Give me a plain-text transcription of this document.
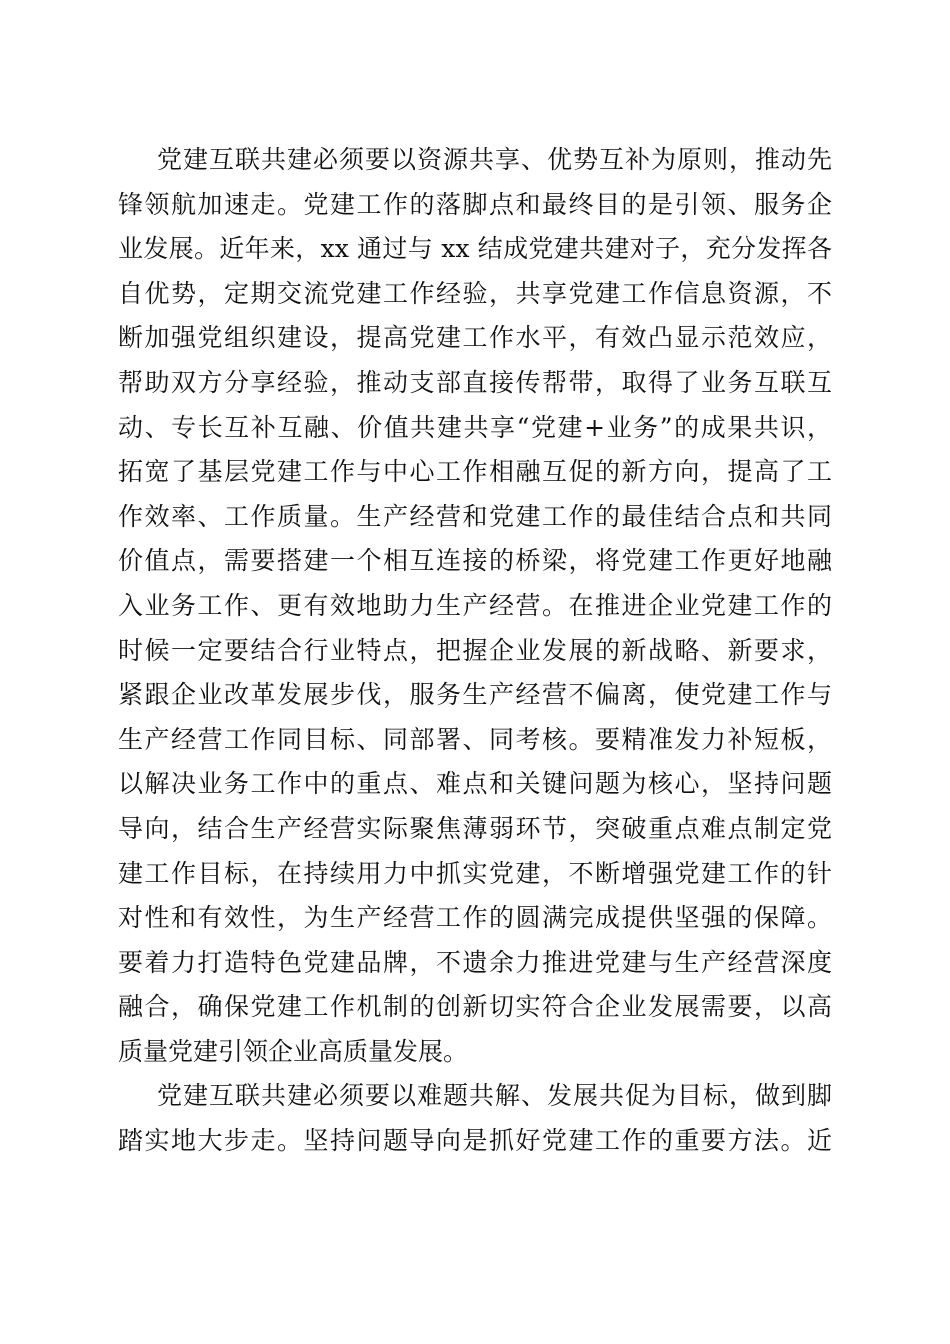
党建互联共建必须要以资源共享、优势互补为原则，推动先
锋领航加速走。党建工作的落脚点和最终目的是引领、服务企
业发展。近年来，xx 通过与 xx 结成党建共建对子，充分发挥各
自优势，定期交流党建工作经验，共享党建工作信息资源，不
断加强党组织建设，提高党建工作水平，有效凸显示范效应，
帮助双方分享经验，推动支部直接传帮带，取得了业务互联互
动、专长互补互融、价值共建共享“党建+业务”的成果共识，
拓宽了基层党建工作与中心工作相融互促的新方向，提高了工
作效率、工作质量。生产经营和党建工作的最佳结合点和共同
价值点，需要搭建一个相互连接的桥梁，将党建工作更好地融
入业务工作、更有效地助力生产经营。在推进企业党建工作的
时候一定要结合行业特点，把握企业发展的新战略、新要求，
紧跟企业改革发展步伐，服务生产经营不偏离，使党建工作与
生产经营工作同目标、同部署、同考核。要精准发力补短板，
以解决业务工作中的重点、难点和关键问题为核心，坚持问题
导向，结合生产经营实际聚焦薄弱环节，突破重点难点制定党
建工作目标，在持续用力中抓实党建，不断增强党建工作的针
对性和有效性，为生产经营工作的圆满完成提供坚强的保障。
要着力打造特色党建品牌，不遗余力推进党建与生产经营深度
融合，确保党建工作机制的创新切实符合企业发展需要，以高
质量党建引领企业高质量发展。
党建互联共建必须要以难题共解、发展共促为目标，做到脚
踏实地大步走。坚持问题导向是抓好党建工作的重要方法。近
